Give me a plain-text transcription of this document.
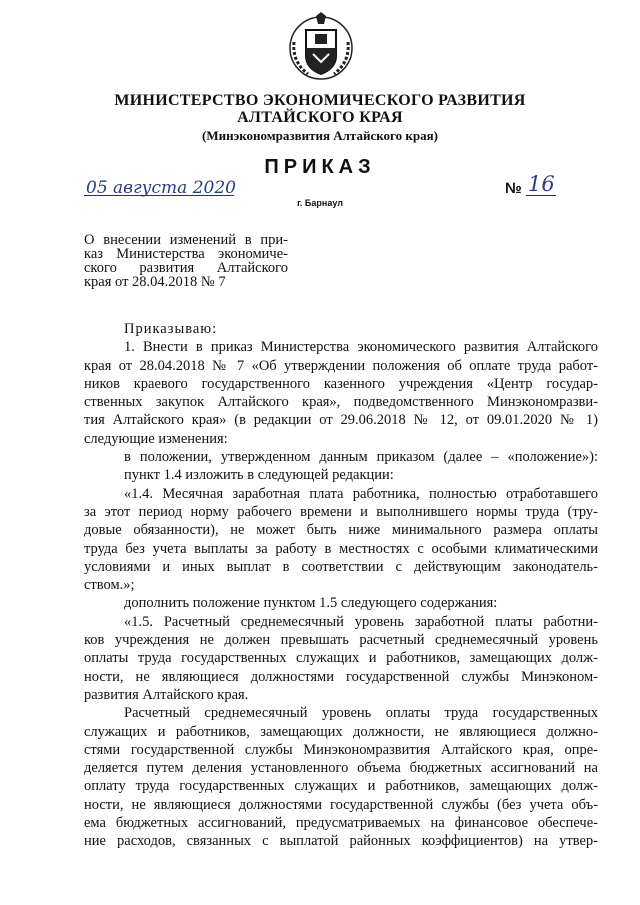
МИНИСТЕРСТВО ЭКОНОМИЧЕСКОГО РАЗВИТИЯ
АЛТАЙСКОГО КРАЯ
(Минэкономразвития Алтайского края)
ПРИКАЗ
05 августа 2020	№ 16
г. Барнаул
О внесении изменений в при-
каз Министерства экономиче-
ского развития Алтайского
края от 28.04.2018 № 7
Приказываю:
1. Внести в приказ Министерства экономического развития Алтайского
края от 28.04.2018 № 7 «Об утверждении положения об оплате труда работ-
ников краевого государственного казенного учреждения «Центр государ-
ственных закупок Алтайского края», подведомственного Минэкономразви-
тия Алтайского края» (в редакции от 29.06.2018 № 12, от 09.01.2020 № 1)
следующие изменения:
в положении, утвержденном данным приказом (далее – «положение»):
пункт 1.4 изложить в следующей редакции:
«1.4. Месячная заработная плата работника, полностью отработавшего
за этот период норму рабочего времени и выполнившего нормы труда (тру-
довые обязанности), не может быть ниже минимального размера оплаты
труда без учета выплаты за работу в местностях с особыми климатическими
условиями и иных выплат в соответствии с действующим законодатель-
ством.»;
дополнить положение пунктом 1.5 следующего содержания:
«1.5. Расчетный среднемесячный уровень заработной платы работни-
ков учреждения не должен превышать расчетный среднемесячный уровень
оплаты труда государственных служащих и работников, замещающих долж-
ности, не являющиеся должностями государственной службы Минэконом-
развития Алтайского края.
Расчетный среднемесячный уровень оплаты труда государственных
служащих и работников, замещающих должности, не являющиеся должно-
стями государственной службы Минэкономразвития Алтайского края, опре-
деляется путем деления установленного объема бюджетных ассигнований на
оплату труда государственных служащих и работников, замещающих долж-
ности, не являющиеся должностями государственной службы (без учета объ-
ема бюджетных ассигнований, предусматриваемых на финансовое обеспече-
ние расходов, связанных с выплатой районных коэффициентов) на утвер-
